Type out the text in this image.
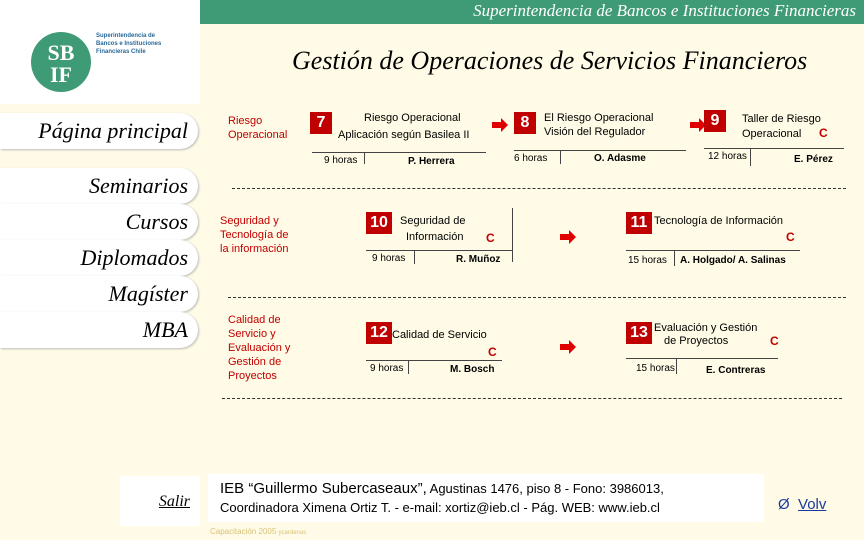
Superintendencia de Bancos e Instituciones Financieras
SB
IF
Superintendencia de Bancos e Instituciones Financieras Chile	Gestión de Operaciones de Servicios Financieros
Página principal
Seminarios
Cursos
Diplomados
Magíster
MBA
Salir
Riesgo Operacional
Seguridad y Tecnología de la información
Calidad de Servicio y Evaluación y Gestión de Proyectos
7	Riesgo Operacional
Aplicación según Basilea II
9 horas	P. Herrera
8	El Riesgo Operacional
Visión del Regulador
6 horas	O. Adasme
9	Taller de Riesgo
Operacional C
12 horas	E. Pérez
10	Seguridad de
Información C
9 horas	R. Muñoz
11 Tecnología de Información
C
15 horas A. Holgado/ A. Salinas
12 Calidad de Servicio
C
9 horas	M. Bosch
13 Evaluación y Gestión
de Proyectos	C
15 horas	E. Contreras
IEB “Guillermo Subercaseaux”, Agustinas 1476, piso 8 - Fono: 3986013,
Coordinadora Ximena Ortiz T. - e-mail: xortiz@ieb.cl - Pág. WEB: www.ieb.cl
Capacitación 2005 ycardenas
Ø Volv
